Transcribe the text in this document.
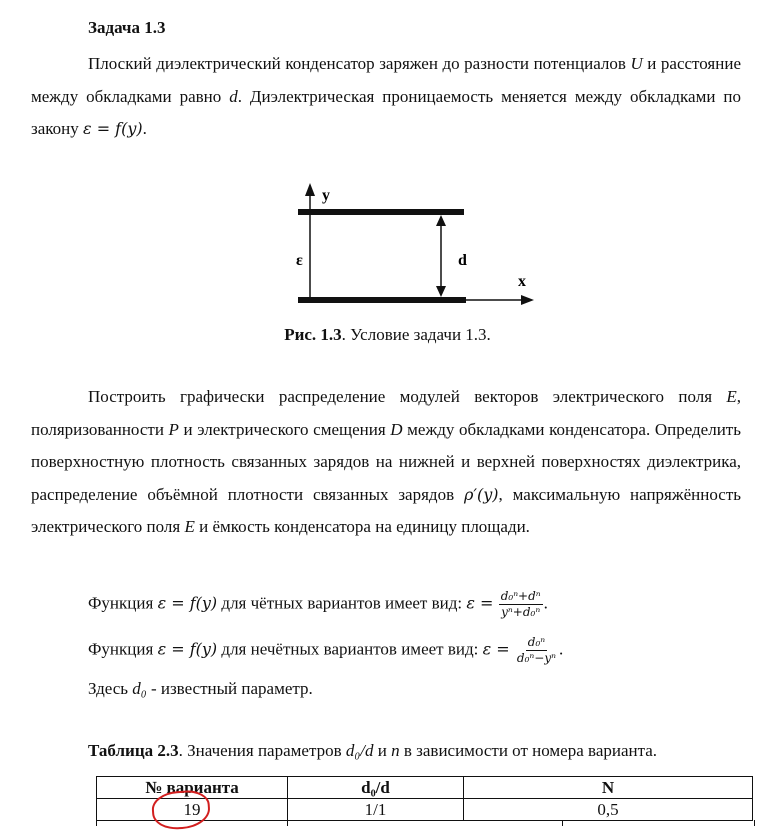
Задача 1.3
Плоский диэлектрический конденсатор заряжен до разности потенциалов U и расстояние между обкладками равно d. Диэлектрическая проницаемость меняется между обкладками по закону ε = f(y).
y
x
ε	d
Рис. 1.3. Условие задачи 1.3.
Построить графически распределение модулей векторов электрического поля E, поляризованности P и электрического смещения D между обкладками конденсатора. Определить поверхностную плотность связанных зарядов на нижней и верхней поверхностях диэлектрика, распределение объёмной плотности связанных зарядов ρ′(y), максимальную напряжённость электрического поля E и ёмкость конденсатора на единицу площади.
Функция ε = f(y) для чётных вариантов имеет вид: $\varepsilon = \frac{\text{d₀ⁿ+dⁿ}}{\text{yⁿ+d₀ⁿ}}$ .
Функция ε = f(y) для нечётных вариантов имеет вид: $\varepsilon = \frac{\text{d₀ⁿ}}{\text{d₀ⁿ−yⁿ}}$ .
Здесь d₀ - известный параметр.
Таблица 2.3. Значения параметров d₀/d и n в зависимости от номера варианта.
№ варианта	d₀/d	N
19	1/1	0,5
